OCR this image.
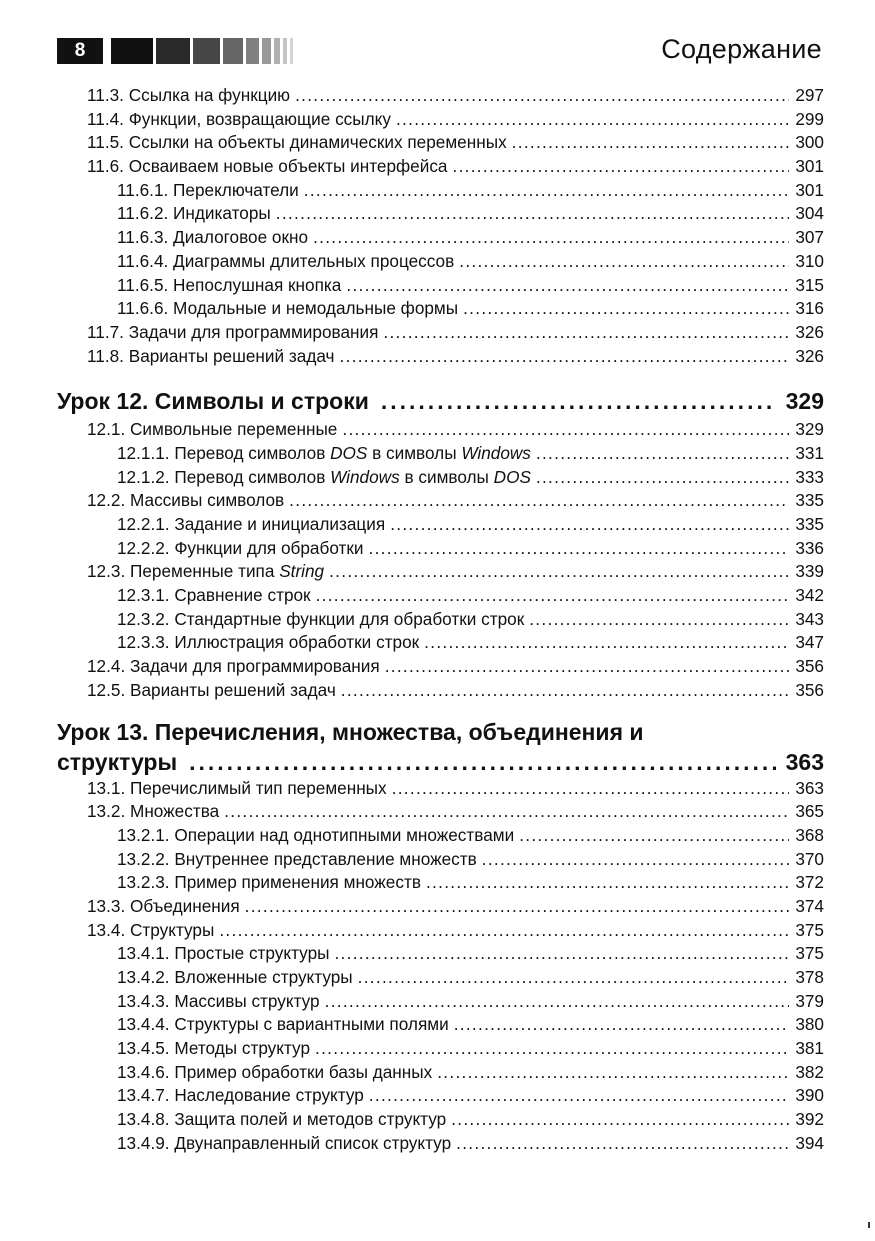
8	Содержание
11.3. Ссылка на функцию .....	297
11.4. Функции, возвращающие ссылку .....	299
11.5. Ссылки на объекты динамических переменных .....	300
11.6. Осваиваем новые объекты интерфейса .....	301
11.6.1. Переключатели .....	301
11.6.2. Индикаторы .....	304
11.6.3. Диалоговое окно .....	307
11.6.4. Диаграммы длительных процессов .....	310
11.6.5. Непослушная кнопка .....	315
11.6.6. Модальные и немодальные формы .....	316
11.7. Задачи для программирования .....	326
11.8. Варианты решений задач .....	326
Урок 12. Символы и строки .....	329
12.1. Символьные переменные .....	329
12.1.1. Перевод символов DOS в символы Windows .....	331
12.1.2. Перевод символов Windows в символы DOS .....	333
12.2. Массивы символов .....	335
12.2.1. Задание и инициализация .....	335
12.2.2. Функции для обработки .....	336
12.3. Переменные типа String .....	339
12.3.1. Сравнение строк .....	342
12.3.2. Стандартные функции для обработки строк .....	343
12.3.3. Иллюстрация обработки строк .....	347
12.4. Задачи для программирования .....	356
12.5. Варианты решений задач .....	356
Урок 13. Перечисления, множества, объединения и
структуры .....	363
13.1. Перечислимый тип переменных .....	363
13.2. Множества .....	365
13.2.1. Операции над однотипными множествами .....	368
13.2.2. Внутреннее представление множеств .....	370
13.2.3. Пример применения множеств .....	372
13.3. Объединения .....	374
13.4. Структуры .....	375
13.4.1. Простые структуры .....	375
13.4.2. Вложенные структуры .....	378
13.4.3. Массивы структур .....	379
13.4.4. Структуры с вариантными полями .....	380
13.4.5. Методы структур .....	381
13.4.6. Пример обработки базы данных .....	382
13.4.7. Наследование структур .....	390
13.4.8. Защита полей и методов структур .....	392
13.4.9. Двунаправленный список структур .....	394
